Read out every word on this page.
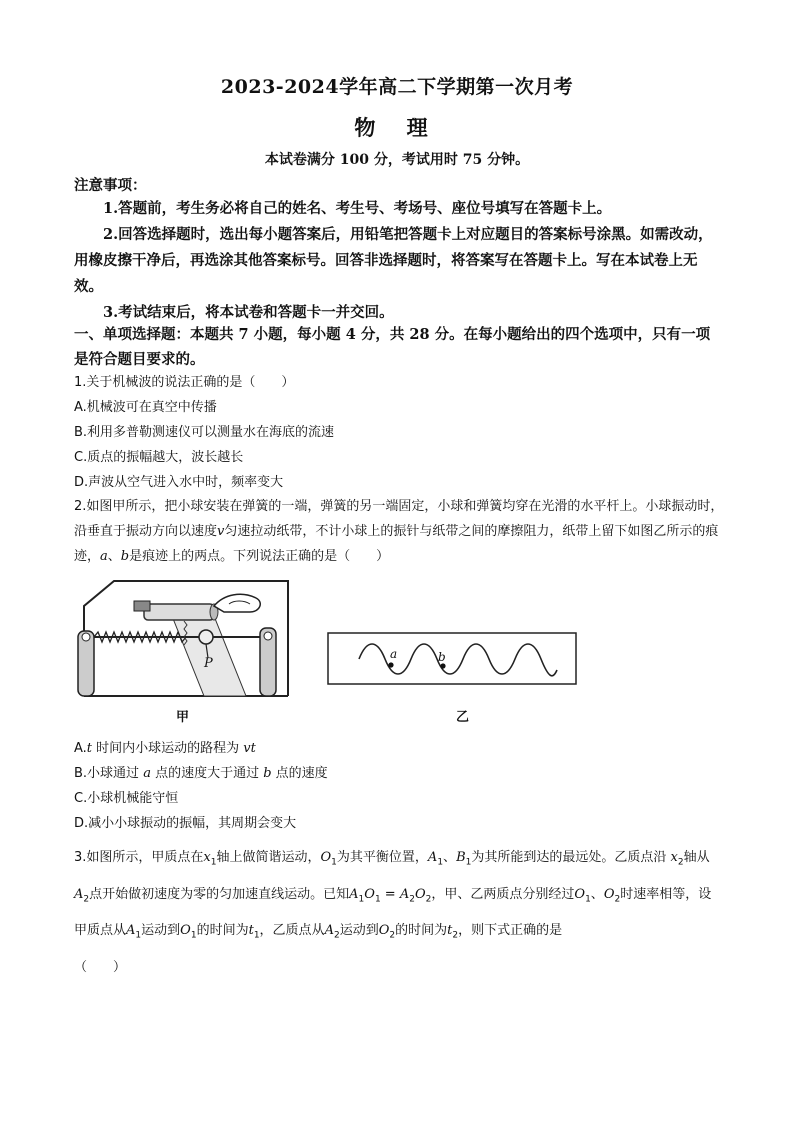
2023-2024学年高二下学期第一次月考
物 理
本试卷满分 100 分，考试用时 75 分钟。
注意事项：

1.答题前，考生务必将自己的姓名、考生号、考场号、座位号填写在答题卡上。

2.回答选择题时，选出每小题答案后，用铅笔把答题卡上对应题目的答案标号涂黑。如需改动，用橡皮擦干净后，再选涂其他答案标号。回答非选择题时，将答案写在答题卡上。写在本试卷上无效。

3.考试结束后，将本试卷和答题卡一并交回。

一、单项选择题：本题共 7 小题，每小题 4 分，共 28 分。在每小题给出的四个选项中，只有一项是符合题目要求的。

1.关于机械波的说法正确的是（　　）

A.机械波可在真空中传播

B.利用多普勒测速仪可以测量水在海底的流速

C.质点的振幅越大，波长越长

D.声波从空气进入水中时，频率变大

2.如图甲所示，把小球安装在弹簧的一端，弹簧的另一端固定，小球和弹簧均穿在光滑的水平杆上。小球振动时，沿垂直于振动方向以速度v匀速拉动纸带，不计小球上的振针与纸带之间的摩擦阻力，纸带上留下如图乙所示的痕迹，a、b是痕迹上的两点。下列说法正确的是（　　）

P
甲
a	b
乙

A.t 时间内小球运动的路程为 vt

B.小球通过 a 点的速度大于通过 b 点的速度

C.小球机械能守恒

D.减小小球振动的振幅，其周期会变大

3.如图所示，甲质点在$x_1$轴上做简谐运动，$O_1$为其平衡位置，$A_1$、$B_1$为其所能到达的最远处。乙质点沿 $x_2$轴从$A_2$点开始做初速度为零的匀加速直线运动。已知$A_1O_1 = A_2O_2$，甲、乙两质点分别经过$O_1$、$O_2$时速率相等，设甲质点从$A_1$运动到$O_1$的时间为$t_1$，乙质点从$A_2$运动到$O_2$的时间为$t_2$，则下式正确的是

（　　）
